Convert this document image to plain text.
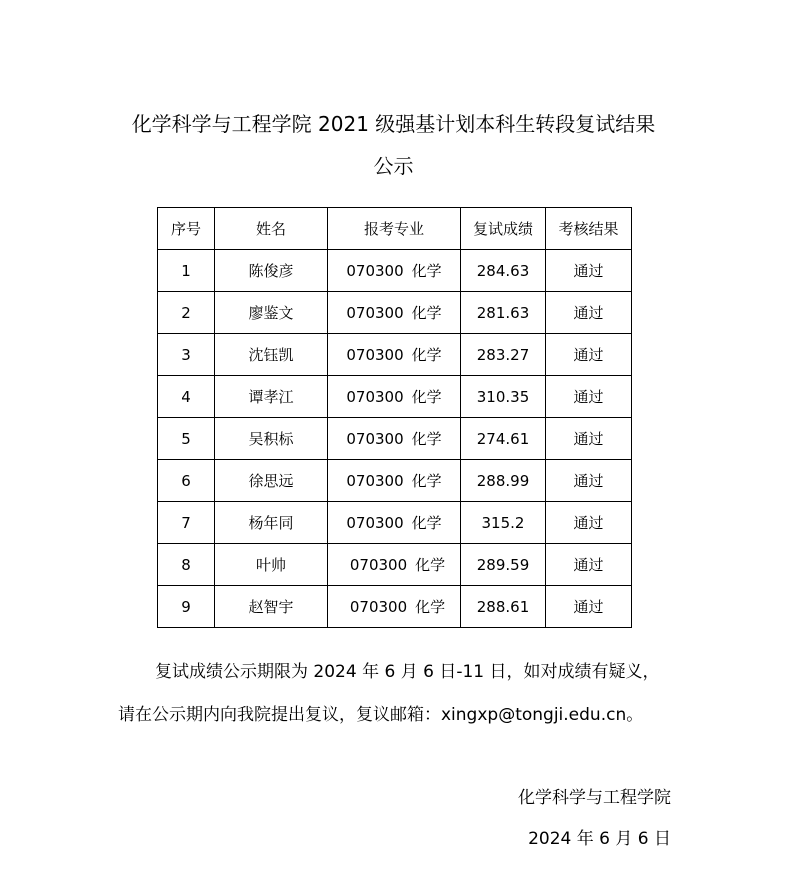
化学科学与工程学院 2021 级强基计划本科生转段复试结果
公示
序号	姓名	报考专业	复试成绩	考核结果
1	陈俊彦	070300 化学	284.63	通过
2	廖鉴文	070300 化学	281.63	通过
3	沈钰凯	070300 化学	283.27	通过
4	谭孝江	070300 化学	310.35	通过
5	吴积标	070300 化学	274.61	通过
6	徐思远	070300 化学	288.99	通过
7	杨年同	070300 化学	315.2	通过
8	叶帅	070300 化学	289.59	通过
9	赵智宇	070300 化学	288.61	通过
复试成绩公示期限为 2024 年 6 月 6 日-11 日，如对成绩有疑义，
请在公示期内向我院提出复议，复议邮箱：xingxp@tongji.edu.cn。
化学科学与工程学院
2024 年 6 月 6 日
